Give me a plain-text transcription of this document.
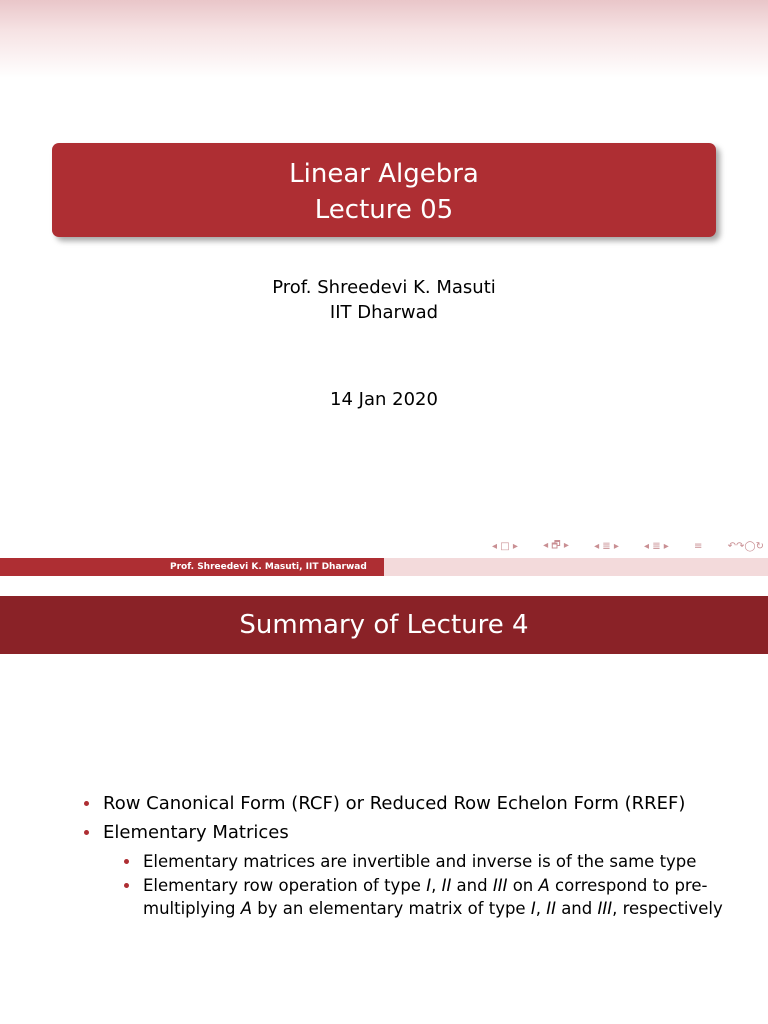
Linear Algebra
Lecture 05
Prof. Shreedevi K. Masuti
IIT Dharwad
14 Jan 2020
◂ □ ▸	◂ 🗗 ▸	◂ ≣ ▸	◂ ≣ ▸	≡	↶↷◯↻
Prof. Shreedevi K. Masuti, IIT Dharwad
Summary of Lecture 4
Row Canonical Form (RCF) or Reduced Row Echelon Form (RREF)
Elementary Matrices
Elementary matrices are invertible and inverse is of the same type
Elementary row operation of type I, II and III on A correspond to pre-multiplying A by an elementary matrix of type I, II and III, respectively
